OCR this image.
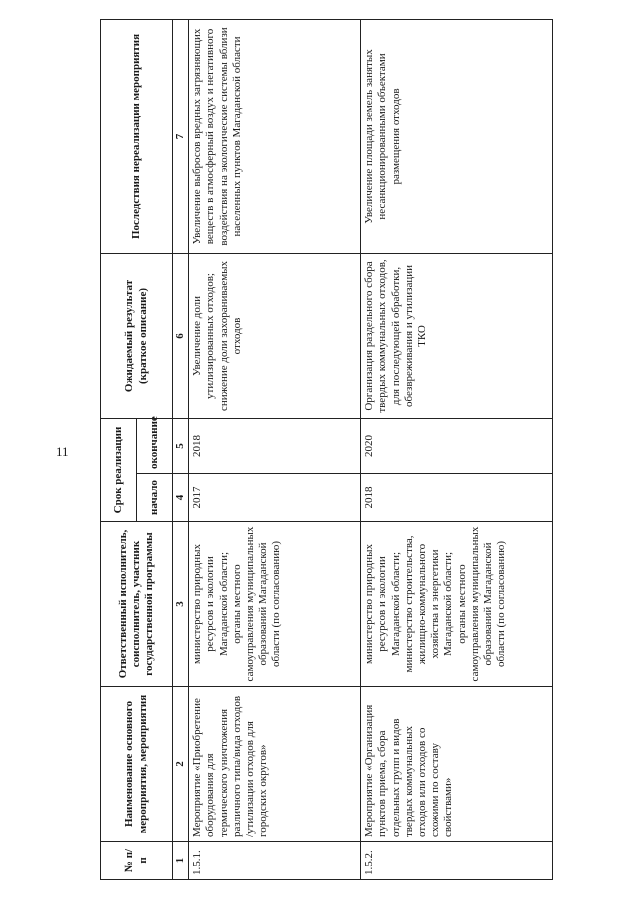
11
№ п/п	Наименование основного мероприятия, мероприятия	Ответственный исполнитель, соисполнитель, участник государственной программы	Срок реализации		Ожидаемый результат (краткое описание)	Последствия нереализации мероприятия
			начало	окончание		
1	2	3	4	5	6	7
1.5.1.	Мероприятие «Приобретение оборудования для термического уничтожения различного типа/вида отходов /утилизации отходов для городских округов»	министерство природных ресурсов и экологии Магаданской области;
органы местного самоуправления муниципальных образований Магаданской области (по согласованию)	2017	2018	Увеличение доли утилизированных отходов; снижение доли захораниваемых отходов	Увеличение выбросов вредных загрязняющих веществ в атмосферный воздух и негативного воздействия на экологические системы вблизи населенных пунктов Магаданской области
1.5.2.	Мероприятие «Организация пунктов приема, сбора отдельных групп и видов твердых коммунальных отходов или отходов со схожими по составу свойствами»	министерство природных ресурсов и экологии Магаданской области;
министерство строительства, жилищно-коммунального хозяйства и энергетики Магаданской области;
органы местного самоуправления муниципальных образований Магаданской области (по согласованию)	2018	2020	Организация раздельного сбора твердых коммунальных отходов, для последующей обработки, обезвреживания и утилизации ТКО	Увеличение площади земель занятых несанкционированными объектами размещения отходов
